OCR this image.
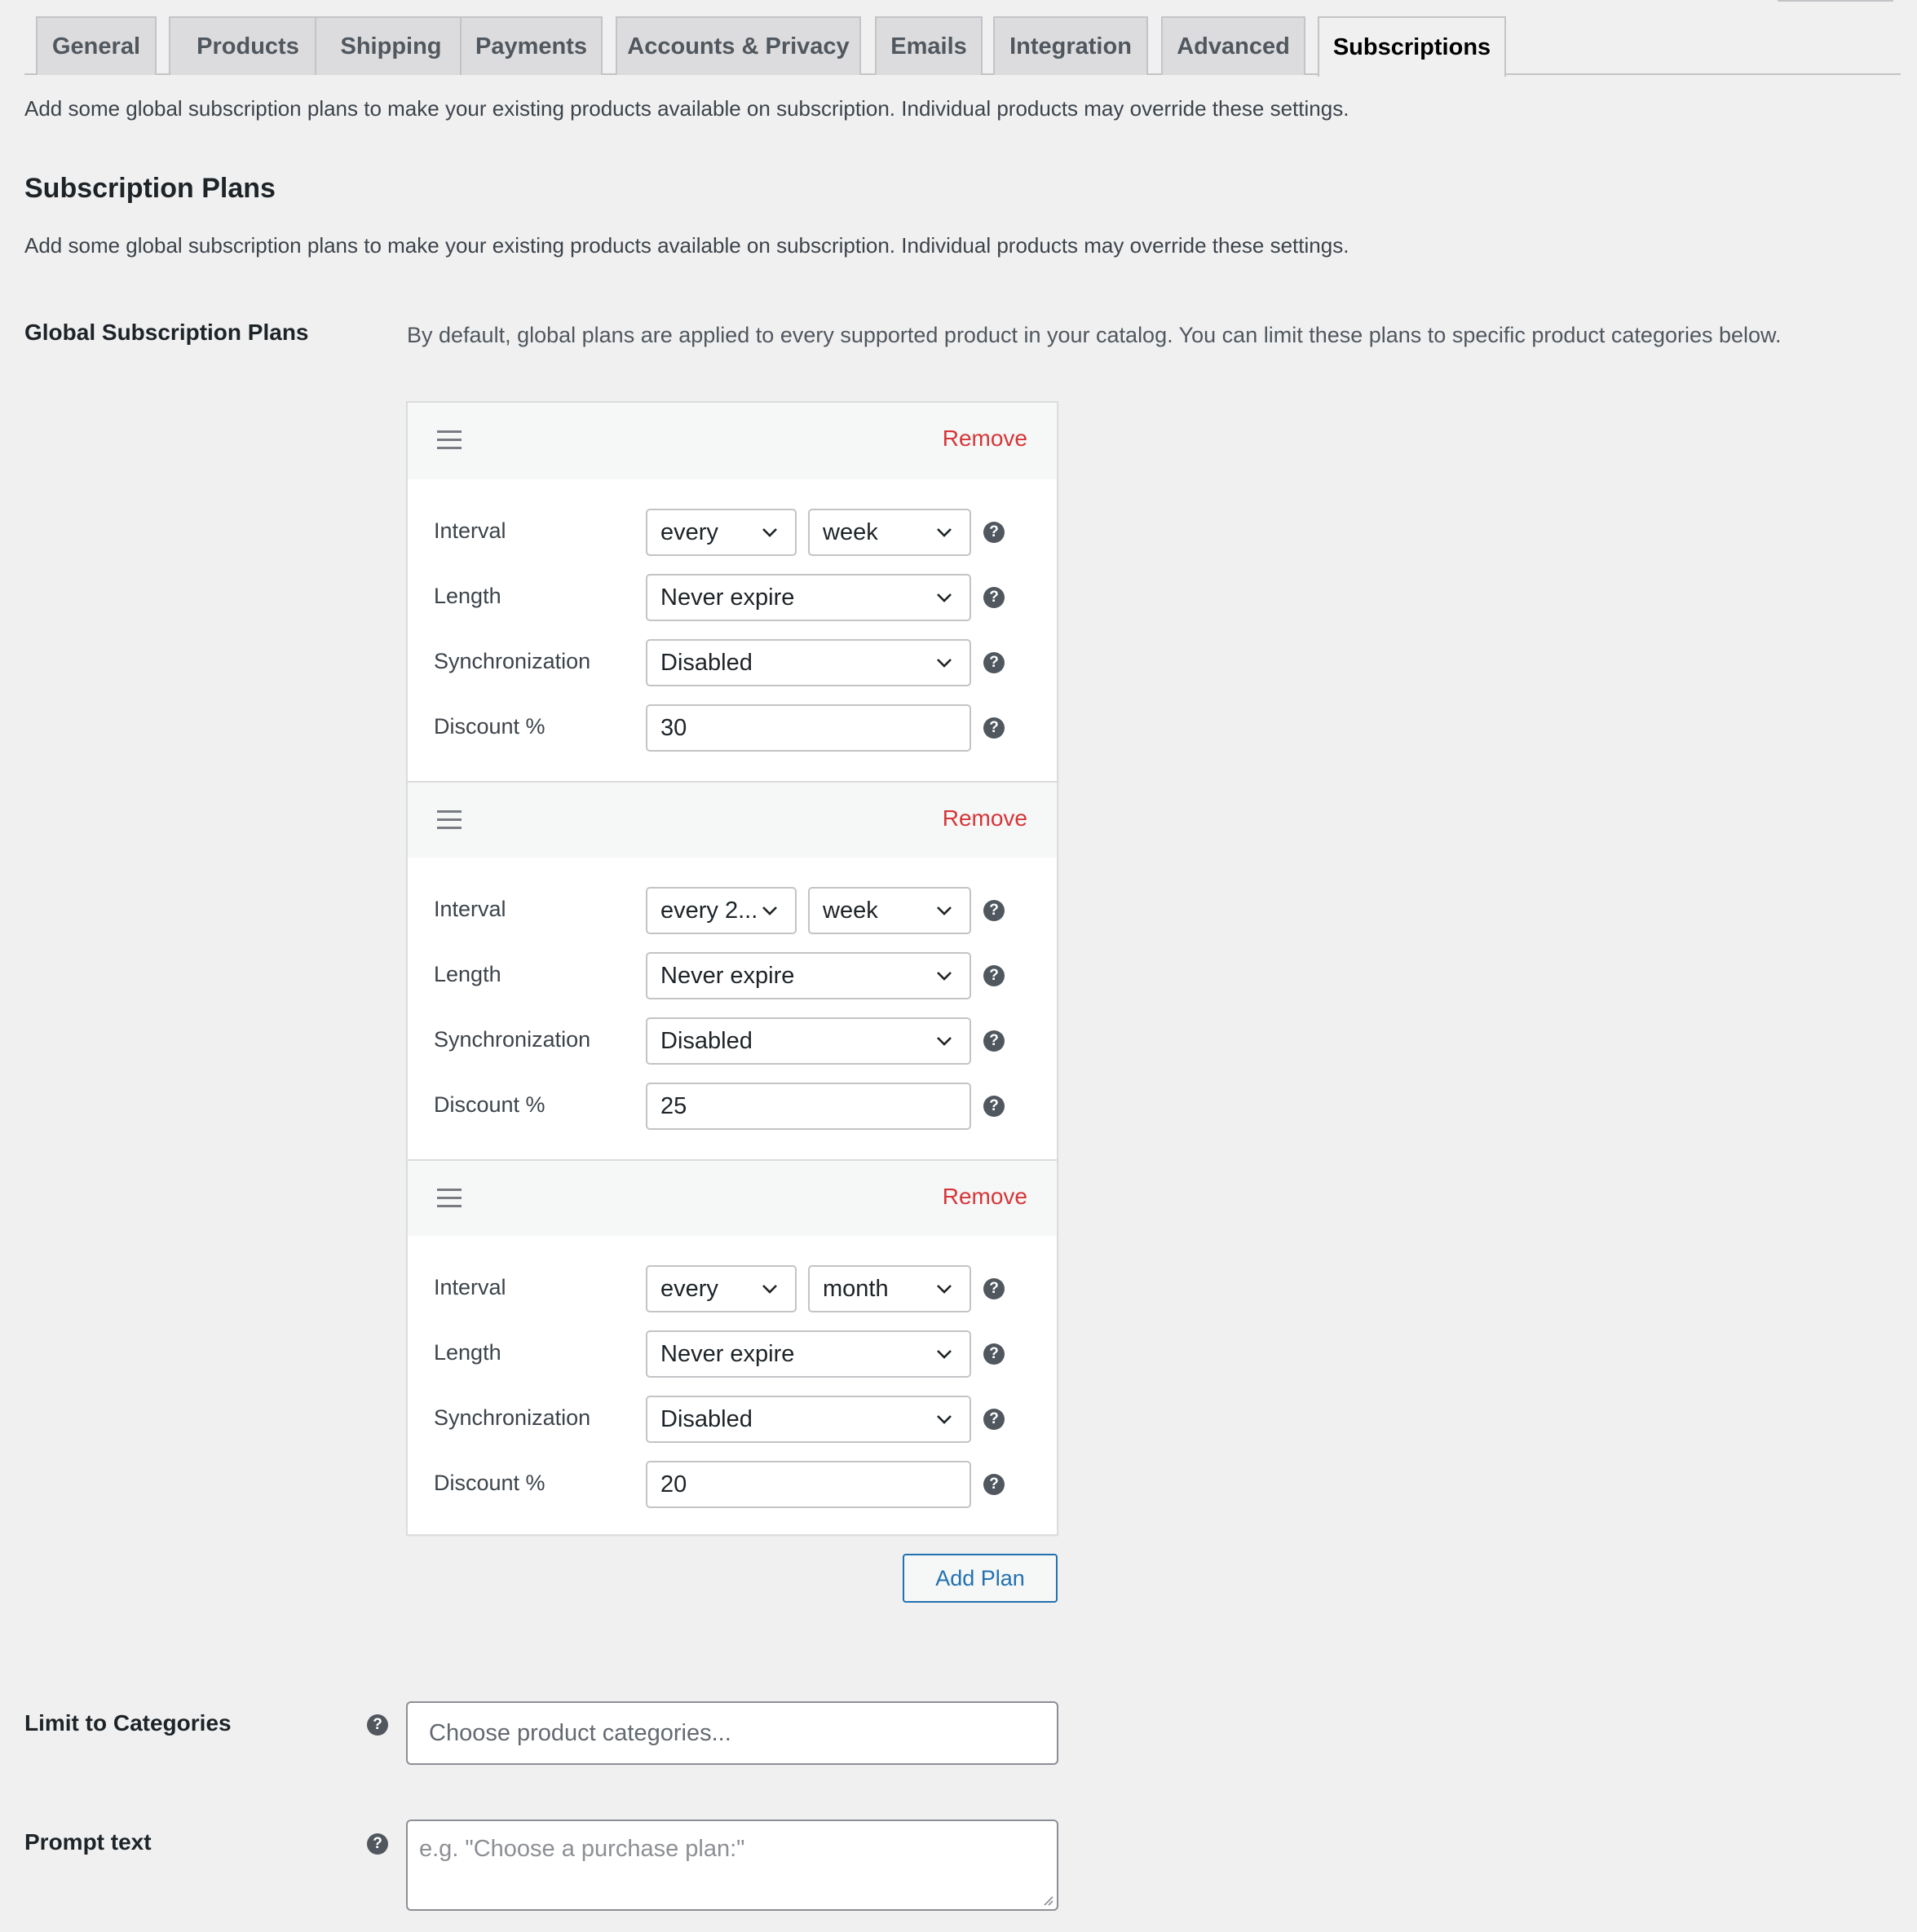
General	Products	Shipping	Payments	Accounts & Privacy	Emails	Integration	Advanced	Subscriptions
Add some global subscription plans to make your existing products available on subscription. Individual products may override these settings.
Subscription Plans
Add some global subscription plans to make your existing products available on subscription. Individual products may override these settings.
Global Subscription Plans	By default, global plans are applied to every supported product in your catalog. You can limit these plans to specific product categories below.
Remove
Interval	every	week	?
Length	Never expire	?
Synchronization	Disabled	?
Discount %	30	?
Remove
Interval	every 2...	week	?
Length	Never expire	?
Synchronization	Disabled	?
Discount %	25	?
Remove
Interval	every	month	?
Length	Never expire	?
Synchronization	Disabled	?
Discount %	20	?
Add Plan
Limit to Categories	?	Choose product categories...
Prompt text	? e.g. "Choose a purchase plan:"
